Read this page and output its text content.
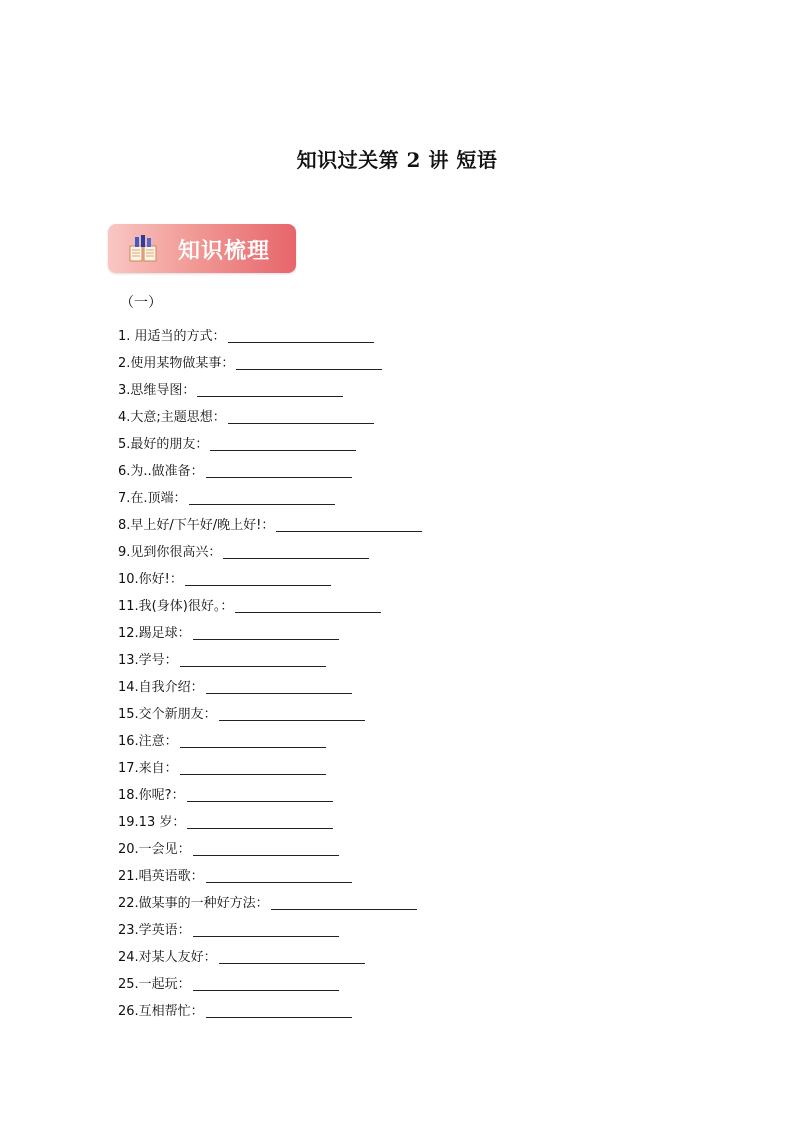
知识过关第 2 讲 短语
知识梳理
（一）
1. 用适当的方式：
2.使用某物做某事：
3.思维导图：
4.大意;主题思想：
5.最好的朋友：
6.为..做准备：
7.在.顶端：
8.早上好/下午好/晚上好!：
9.见到你很高兴：
10.你好!：
11.我(身体)很好。：
12.踢足球：
13.学号：
14.自我介绍：
15.交个新朋友：
16.注意：
17.来自：
18.你呢?：
19.13 岁：
20.一会见：
21.唱英语歌：
22.做某事的一种好方法：
23.学英语：
24.对某人友好：
25.一起玩：
26.互相帮忙：
